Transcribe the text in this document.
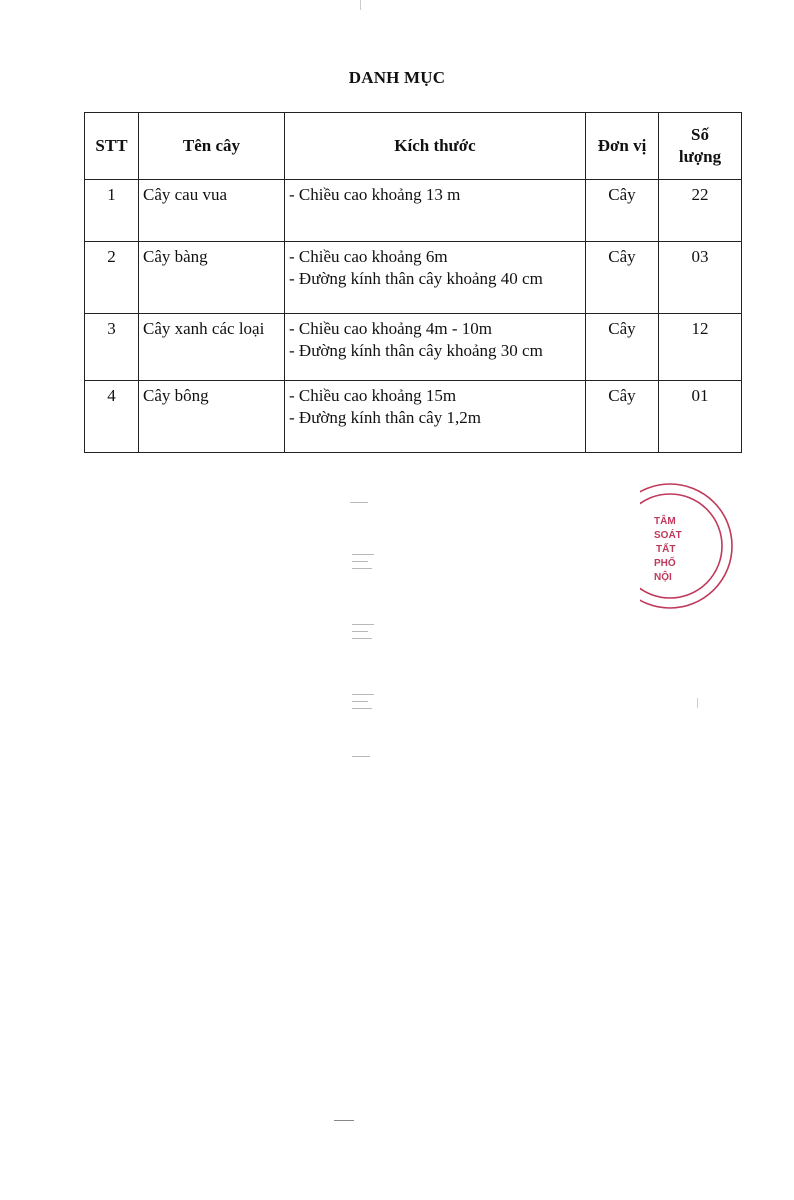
DANH MỤC
STT	Tên cây	Kích thước	Đơn vị	Số
lượng

1	Cây cau vua	- Chiều cao khoảng 13 m	Cây	22
2	Cây bàng	- Chiều cao khoảng 6m
- Đường kính thân cây khoảng 40 cm	Cây	03
3	Cây xanh các loại	- Chiều cao khoảng 4m - 10m
- Đường kính thân cây khoảng 30 cm	Cây	12
4	Cây bông	- Chiều cao khoảng 15m
- Đường kính thân cây 1,2m	Cây	01
TÂM
SOÁT
TẤT
PHỐ
NỘI
